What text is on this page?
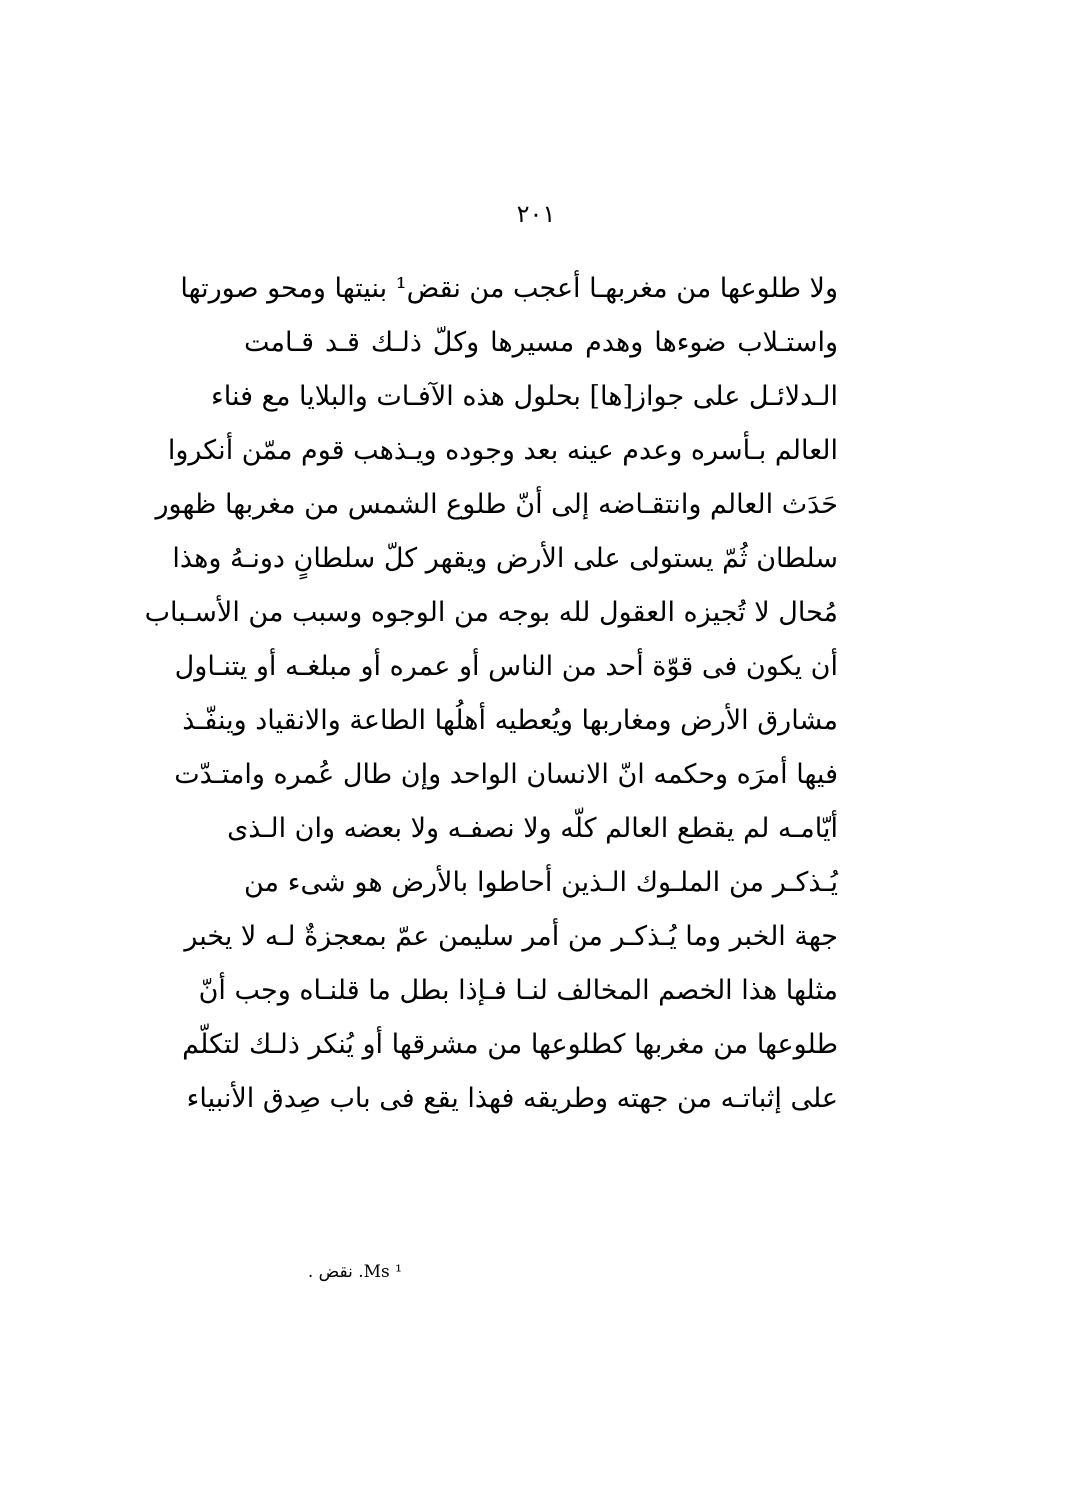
٢٠١
ولا طلوعها من مغربهـا أعجب من نقض¹ بنيتها ومحو صورتها
واستـلاب ضوءها وهدم مسيرها وكلّ ذلـك قـد قـامت
الـدلائـل على جواز[ها] بحلول هذه الآفـات والبلايا مع فناء
العالم بـأسره وعدم عينه بعد وجوده ويـذهب قوم ممّن أنكروا
حَدَث العالم وانتقـاضه إلى أنّ طلوع الشمس من مغربها ظهور
سلطان ثُمّ يستولى على الأرض ويقهر كلّ سلطانٍ دونـهُ وهذا
مُحال لا تُجيزه العقول لله بوجه من الوجوه وسبب من الأسـباب
أن يكون فى قوّة أحد من الناس أو عمره أو مبلغـه أو يتنـاول
مشارق الأرض ومغاربها ويُعطيه أهلُها الطاعة والانقياد وينفّـذ
فيها أمرَه وحكمه انّ الانسان الواحد وإن طال عُمره وامتـدّت
أيّامـه لم يقطع العالم كلّه ولا نصفـه ولا بعضه وان الـذى
يُـذكـر من الملـوك الـذين أحاطوا بالأرض هو شىء من
جهة الخبر وما يُـذكـر من أمر سليمن عمّ بمعجزةٌ لـه لا يخبر
مثلها هذا الخصم المخالف لنـا فـإذا بطل ما قلنـاه وجب أنّ
طلوعها من مغربها كطلوعها من مشرقها أو يُنكر ذلـك لتكلّم
على إثباتـه من جهته وطريقه فهذا يقع فى باب صِدق الأنبياء
¹ Ms. نقض .
